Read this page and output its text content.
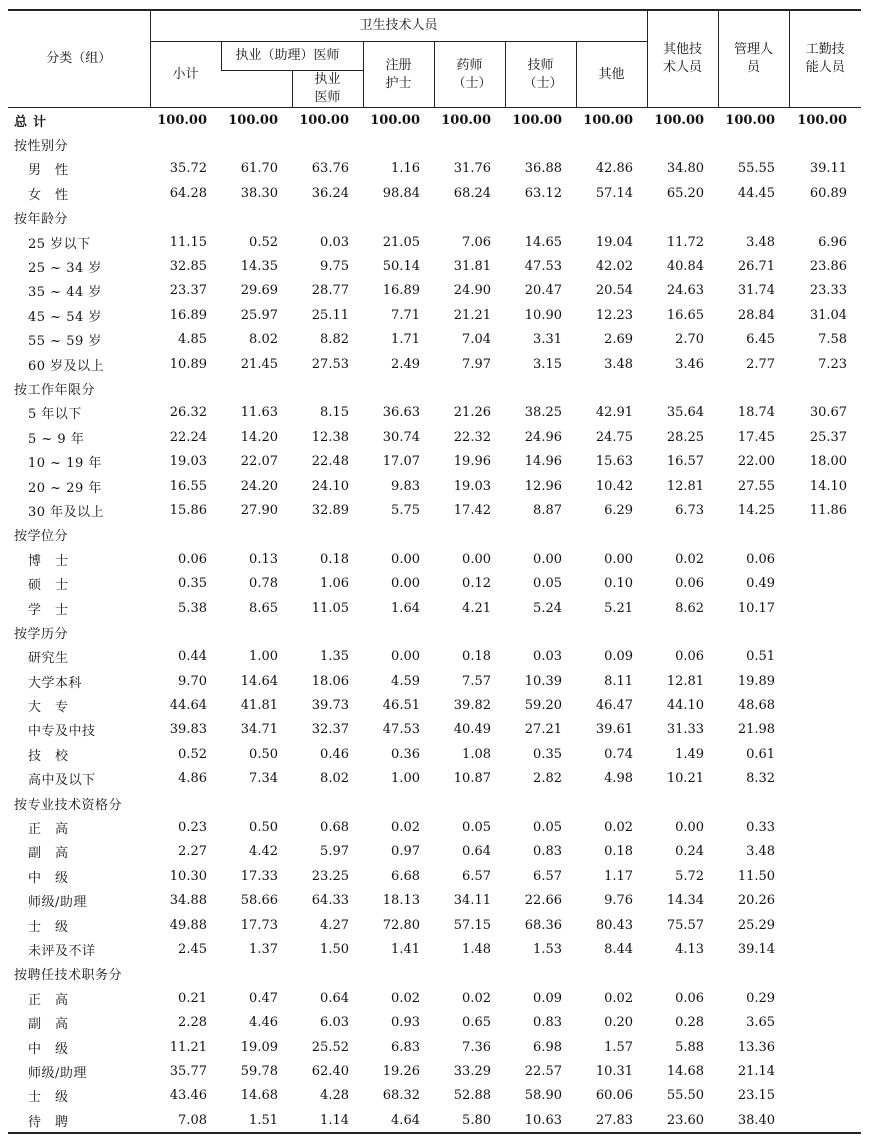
分类（组）	卫生技术人员							其他技术人员	管理人员	工勤技能人员
	小计	执业（助理）医师		注册护士	药师（士）	技师（士）	其他			
			执业医师							
总计	100.00	100.00	100.00	100.00	100.00	100.00	100.00	100.00	100.00	100.00
按性别分										
男　性	35.72	61.70	63.76	1.16	31.76	36.88	42.86	34.80	55.55	39.11
女　性	64.28	38.30	36.24	98.84	68.24	63.12	57.14	65.20	44.45	60.89
按年龄分										
25 岁以下	11.15	0.52	0.03	21.05	7.06	14.65	19.04	11.72	3.48	6.96
25 ~ 34 岁	32.85	14.35	9.75	50.14	31.81	47.53	42.02	40.84	26.71	23.86
35 ~ 44 岁	23.37	29.69	28.77	16.89	24.90	20.47	20.54	24.63	31.74	23.33
45 ~ 54 岁	16.89	25.97	25.11	7.71	21.21	10.90	12.23	16.65	28.84	31.04
55 ~ 59 岁	4.85	8.02	8.82	1.71	7.04	3.31	2.69	2.70	6.45	7.58
60 岁及以上	10.89	21.45	27.53	2.49	7.97	3.15	3.48	3.46	2.77	7.23
按工作年限分										
5 年以下	26.32	11.63	8.15	36.63	21.26	38.25	42.91	35.64	18.74	30.67
5 ~ 9 年	22.24	14.20	12.38	30.74	22.32	24.96	24.75	28.25	17.45	25.37
10 ~ 19 年	19.03	22.07	22.48	17.07	19.96	14.96	15.63	16.57	22.00	18.00
20 ~ 29 年	16.55	24.20	24.10	9.83	19.03	12.96	10.42	12.81	27.55	14.10
30 年及以上	15.86	27.90	32.89	5.75	17.42	8.87	6.29	6.73	14.25	11.86
按学位分										
博　士	0.06	0.13	0.18	0.00	0.00	0.00	0.00	0.02	0.06	
硕　士	0.35	0.78	1.06	0.00	0.12	0.05	0.10	0.06	0.49	
学　士	5.38	8.65	11.05	1.64	4.21	5.24	5.21	8.62	10.17	
按学历分										
研究生	0.44	1.00	1.35	0.00	0.18	0.03	0.09	0.06	0.51	
大学本科	9.70	14.64	18.06	4.59	7.57	10.39	8.11	12.81	19.89	
大　专	44.64	41.81	39.73	46.51	39.82	59.20	46.47	44.10	48.68	
中专及中技	39.83	34.71	32.37	47.53	40.49	27.21	39.61	31.33	21.98	
技　校	0.52	0.50	0.46	0.36	1.08	0.35	0.74	1.49	0.61	
高中及以下	4.86	7.34	8.02	1.00	10.87	2.82	4.98	10.21	8.32	
按专业技术资格分										
正　高	0.23	0.50	0.68	0.02	0.05	0.05	0.02	0.00	0.33	
副　高	2.27	4.42	5.97	0.97	0.64	0.83	0.18	0.24	3.48	
中　级	10.30	17.33	23.25	6.68	6.57	6.57	1.17	5.72	11.50	
师级/助理	34.88	58.66	64.33	18.13	34.11	22.66	9.76	14.34	20.26	
士　级	49.88	17.73	4.27	72.80	57.15	68.36	80.43	75.57	25.29	
未评及不详	2.45	1.37	1.50	1.41	1.48	1.53	8.44	4.13	39.14	
按聘任技术职务分										
正　高	0.21	0.47	0.64	0.02	0.02	0.09	0.02	0.06	0.29	
副　高	2.28	4.46	6.03	0.93	0.65	0.83	0.20	0.28	3.65	
中　级	11.21	19.09	25.52	6.83	7.36	6.98	1.57	5.88	13.36	
师级/助理	35.77	59.78	62.40	19.26	33.29	22.57	10.31	14.68	21.14	
士　级	43.46	14.68	4.28	68.32	52.88	58.90	60.06	55.50	23.15	
待　聘	7.08	1.51	1.14	4.64	5.80	10.63	27.83	23.60	38.40	
